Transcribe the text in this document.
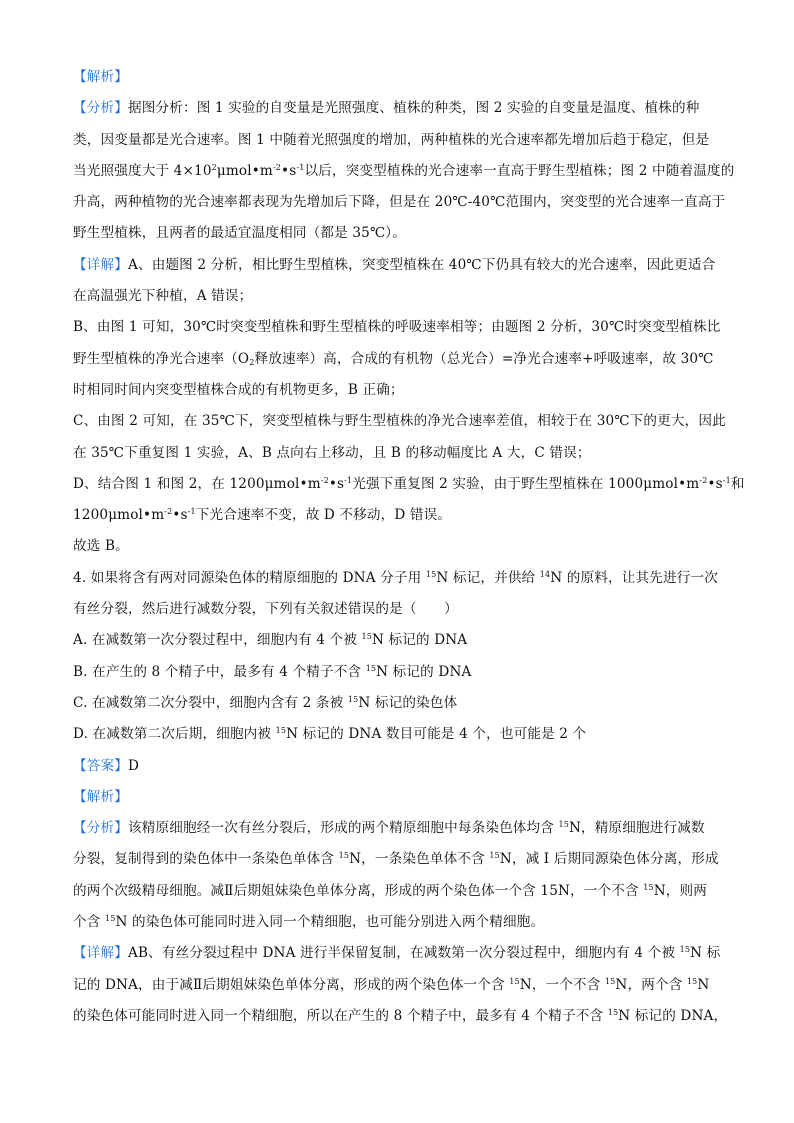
【解析】
【分析】据图分析：图 1 实验的自变量是光照强度、植株的种类，图 2 实验的自变量是温度、植株的种
类，因变量都是光合速率。图 1 中随着光照强度的增加，两种植株的光合速率都先增加后趋于稳定，但是
当光照强度大于 $4\times 10^2\mu mol•m^{-2}•s^{-1}$以后，突变型植株的光合速率一直高于野生型植株；图 2 中随着温度的
升高，两种植物的光合速率都表现为先增加后下降，但是在 20℃-40℃范围内，突变型的光合速率一直高于
野生型植株，且两者的最适宜温度相同（都是 35℃）。
【详解】A、由题图 2 分析，相比野生型植株，突变型植株在 40℃下仍具有较大的光合速率，因此更适合
在高温强光下种植，A 错误；
B、由图 1 可知，30℃时突变型植株和野生型植株的呼吸速率相等；由题图 2 分析，30℃时突变型植株比
野生型植株的净光合速率（$O_2$释放速率）高，合成的有机物（总光合）=净光合速率+呼吸速率，故 30℃
时相同时间内突变型植株合成的有机物更多，B 正确；
C、由图 2 可知，在 35℃下，突变型植株与野生型植株的净光合速率差值，相较于在 30℃下的更大，因此
在 35℃下重复图 1 实验，A、B 点向右上移动，且 B 的移动幅度比 A 大，C 错误；
D、结合图 1 和图 2，在 $1200\mu mol•m^{-2}•s^{-1}$光强下重复图 2 实验，由于野生型植株在 $1000\mu mol•m^{-2}•s^{-1}$和
$1200\mu mol•m^{-2}•s^{-1}$下光合速率不变，故 D 不移动，D 错误。
故选 B。
4. 如果将含有两对同源染色体的精原细胞的 DNA 分子用 $^{15}$N 标记，并供给 $^{14}$N 的原料，让其先进行一次
有丝分裂，然后进行减数分裂，下列有关叙述错误的是（　　）
A. 在减数第一次分裂过程中，细胞内有 4 个被 $^{15}$N 标记的 DNA
B. 在产生的 8 个精子中，最多有 4 个精子不含 $^{15}$N 标记的 DNA
C. 在减数第二次分裂中，细胞内含有 2 条被 $^{15}$N 标记的染色体
D. 在减数第二次后期，细胞内被 $^{15}$N 标记的 DNA 数目可能是 4 个，也可能是 2 个
【答案】D
【解析】
【分析】该精原细胞经一次有丝分裂后，形成的两个精原细胞中每条染色体均含 $^{15}$N，精原细胞进行减数
分裂，复制得到的染色体中一条染色单体含 $^{15}$N，一条染色单体不含 $^{15}$N，减 I 后期同源染色体分离，形成
的两个次级精母细胞。减Ⅱ后期姐妹染色单体分离，形成的两个染色体一个含 15N，一个不含 $^{15}$N，则两
个含 $^{15}$N 的染色体可能同时进入同一个精细胞，也可能分别进入两个精细胞。
【详解】AB、有丝分裂过程中 DNA 进行半保留复制，在减数第一次分裂过程中，细胞内有 4 个被 $^{15}$N 标
记的 DNA，由于减Ⅱ后期姐妹染色单体分离，形成的两个染色体一个含 $^{15}$N，一个不含 $^{15}$N，两个含 $^{15}$N
的染色体可能同时进入同一个精细胞，所以在产生的 8 个精子中，最多有 4 个精子不含 $^{15}$N 标记的 DNA，
